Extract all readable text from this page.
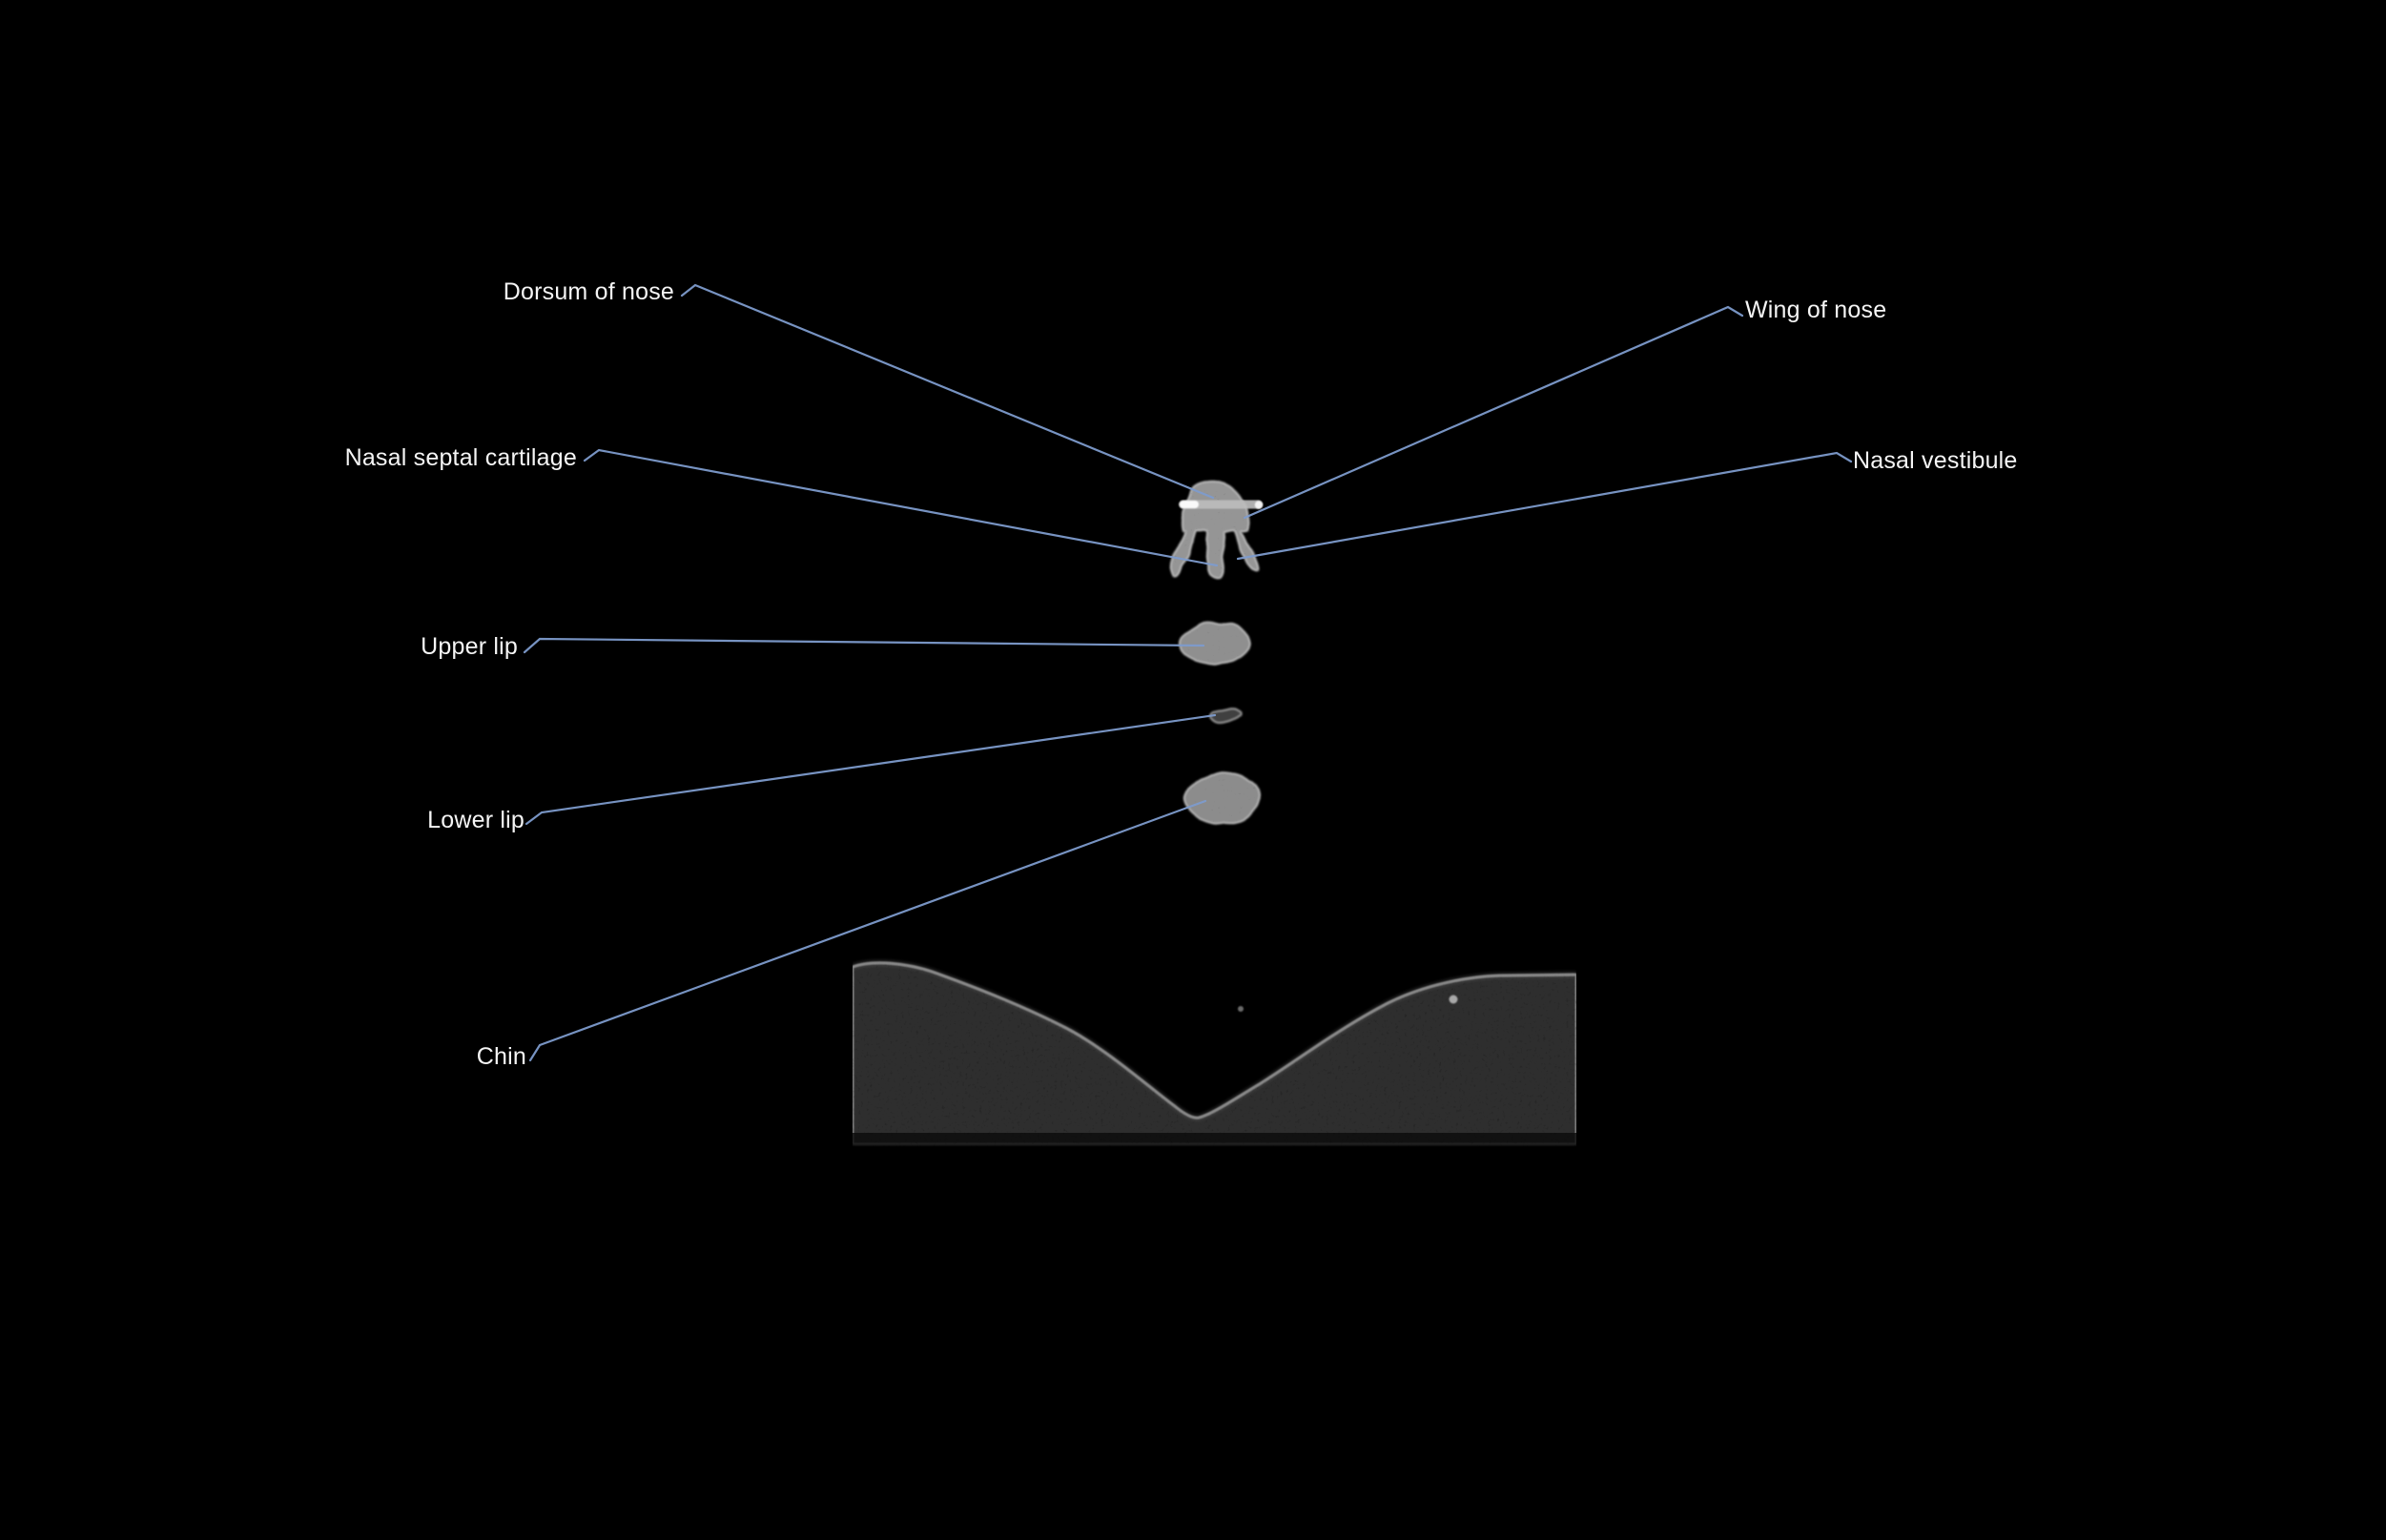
Dorsum of nose
Wing of nose
Nasal septal cartilage	Nasal vestibule
Upper lip
Lower lip
Chin
